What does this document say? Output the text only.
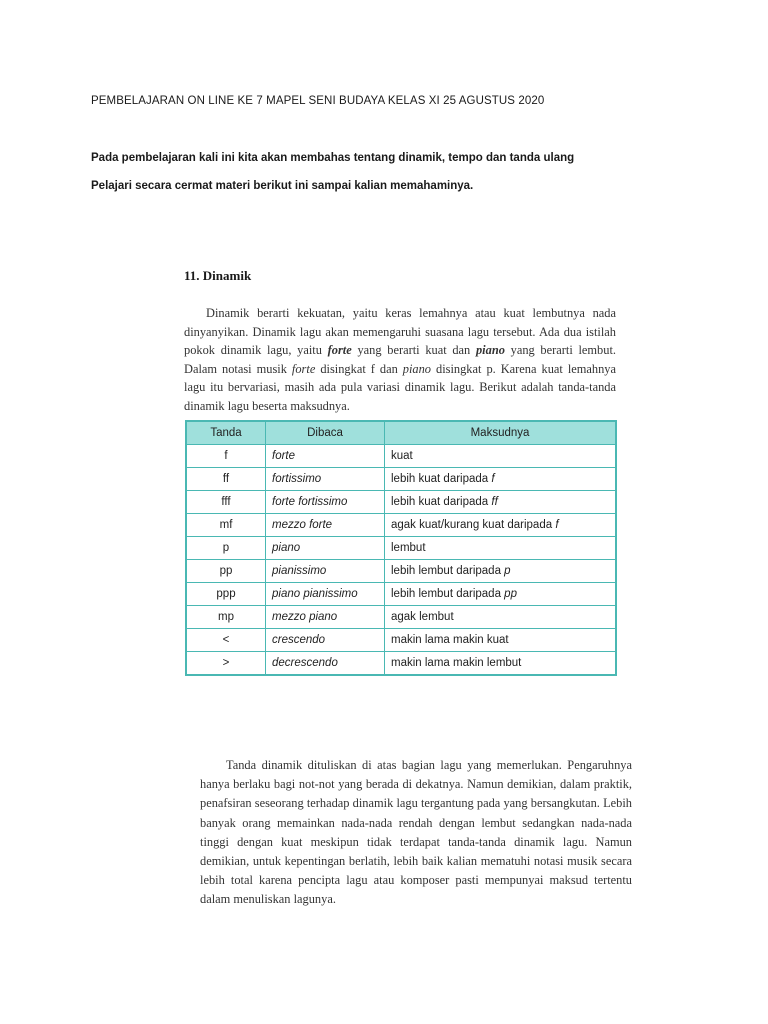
PEMBELAJARAN ON LINE KE 7 MAPEL SENI BUDAYA KELAS XI 25 AGUSTUS 2020
Pada pembelajaran kali ini kita akan membahas tentang dinamik, tempo dan tanda ulang
Pelajari secara cermat materi berikut ini sampai kalian memahaminya.
11. Dinamik
Dinamik berarti kekuatan, yaitu keras lemahnya atau kuat lembutnya nada dinyanyikan. Dinamik lagu akan memengaruhi suasana lagu tersebut. Ada dua istilah pokok dinamik lagu, yaitu forte yang berarti kuat dan piano yang berarti lembut. Dalam notasi musik forte disingkat f dan piano disingkat p. Karena kuat lemahnya lagu itu bervariasi, masih ada pula variasi dinamik lagu. Berikut adalah tanda-tanda dinamik lagu beserta maksudnya.
Tanda	Dibaca	Maksudnya
f	forte	kuat
ff	fortissimo	lebih kuat daripada f
fff	forte fortissimo	lebih kuat daripada ff
mf	mezzo forte	agak kuat/kurang kuat daripada f
p	piano	lembut
pp	pianissimo	lebih lembut daripada p
ppp	piano pianissimo	lebih lembut daripada pp
mp	mezzo piano	agak lembut
<	crescendo	makin lama makin kuat
>	decrescendo	makin lama makin lembut
Tanda dinamik dituliskan di atas bagian lagu yang memerlukan. Pengaruhnya hanya berlaku bagi not-not yang berada di dekatnya. Namun demikian, dalam praktik, penafsiran seseorang terhadap dinamik lagu tergantung pada yang bersangkutan. Lebih banyak orang memainkan nada-nada rendah dengan lembut sedangkan nada-nada tinggi dengan kuat meskipun tidak terdapat tanda-tanda dinamik lagu. Namun demikian, untuk kepentingan berlatih, lebih baik kalian mematuhi notasi musik secara lebih total karena pencipta lagu atau komposer pasti mempunyai maksud tertentu dalam menuliskan lagunya.
